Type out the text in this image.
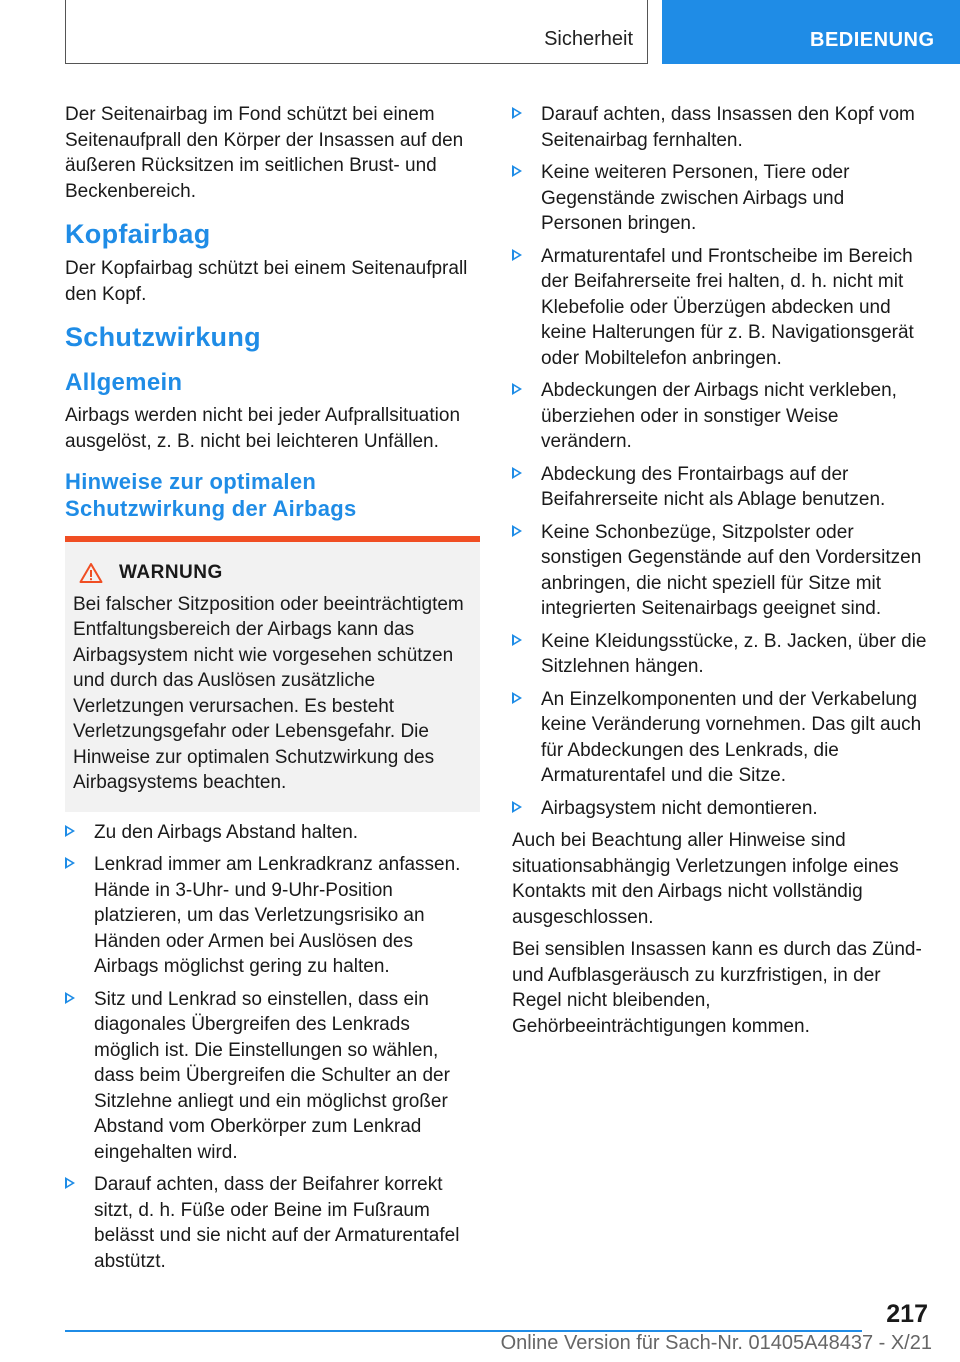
Sicherheit	BEDIENUNG

Der Seitenairbag im Fond schützt bei einem Seitenaufprall den Körper der Insassen auf den äußeren Rücksitzen im seitlichen Brust- und Beckenbereich.

Kopfairbag

Der Kopfairbag schützt bei einem Seitenaufprall den Kopf.

Schutzwirkung
Allgemein

Airbags werden nicht bei jeder Aufprallsituation ausgelöst, z. B. nicht bei leichteren Unfällen.

Hinweise zur optimalen Schutzwirkung der Airbags
WARNUNG
Bei falscher Sitzposition oder beeinträchtigtem Entfaltungsbereich der Airbags kann das Airbagsystem nicht wie vorgesehen schützen und durch das Auslösen zusätzliche Verletzungen verursachen. Es besteht Verletzungsgefahr oder Lebensgefahr. Die Hinweise zur optimalen Schutzwirkung des Airbagsystems beachten.
Zu den Airbags Abstand halten.
Lenkrad immer am Lenkradkranz anfassen. Hände in 3-Uhr- und 9-Uhr-Position platzieren, um das Verletzungsrisiko an Händen oder Armen bei Auslösen des Airbags möglichst gering zu halten.
Sitz und Lenkrad so einstellen, dass ein diagonales Übergreifen des Lenkrads möglich ist. Die Einstellungen so wählen, dass beim Übergreifen die Schulter an der Sitzlehne anliegt und ein möglichst großer Abstand vom Oberkörper zum Lenkrad eingehalten wird.
Darauf achten, dass der Beifahrer korrekt sitzt, d. h. Füße oder Beine im Fußraum belässt und sie nicht auf der Armaturentafel abstützt.
Darauf achten, dass Insassen den Kopf vom Seitenairbag fernhalten.
Keine weiteren Personen, Tiere oder Gegenstände zwischen Airbags und Personen bringen.
Armaturentafel und Frontscheibe im Bereich der Beifahrerseite frei halten, d. h. nicht mit Klebefolie oder Überzügen abdecken und keine Halterungen für z. B. Navigationsgerät oder Mobiltelefon anbringen.
Abdeckungen der Airbags nicht verkleben, überziehen oder in sonstiger Weise verändern.
Abdeckung des Frontairbags auf der Beifahrerseite nicht als Ablage benutzen.
Keine Schonbezüge, Sitzpolster oder sonstigen Gegenstände auf den Vordersitzen anbringen, die nicht speziell für Sitze mit integrierten Seitenairbags geeignet sind.
Keine Kleidungsstücke, z. B. Jacken, über die Sitzlehnen hängen.
An Einzelkomponenten und der Verkabelung keine Veränderung vornehmen. Das gilt auch für Abdeckungen des Lenkrads, die Armaturentafel und die Sitze.
Airbagsystem nicht demontieren.

Auch bei Beachtung aller Hinweise sind situationsabhängig Verletzungen infolge eines Kontakts mit den Airbags nicht vollständig ausgeschlossen.

Bei sensiblen Insassen kann es durch das Zünd- und Aufblasgeräusch zu kurzfristigen, in der Regel nicht bleibenden, Gehörbeeinträchtigungen kommen.

217
Online Version für Sach-Nr. 01405A48437 - X/21
